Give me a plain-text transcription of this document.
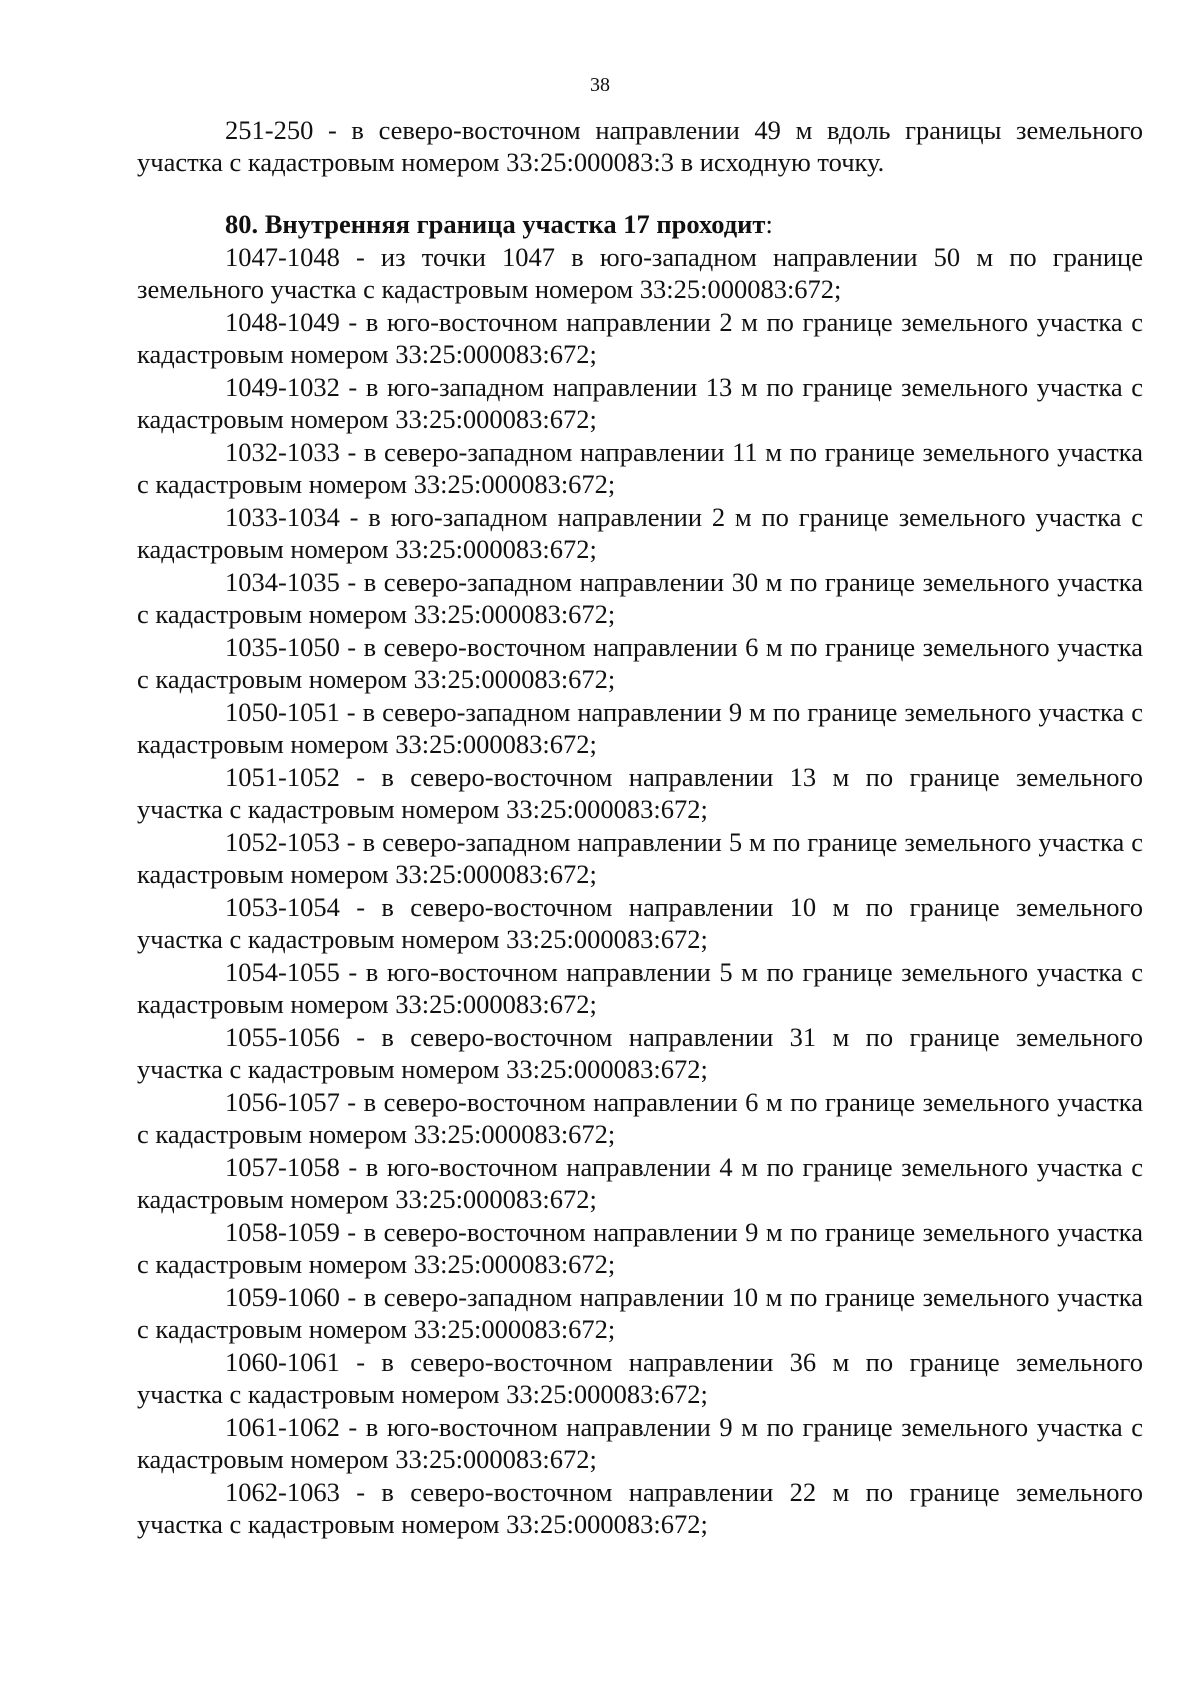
38

251-250 - в северо-восточном направлении 49 м вдоль границы земельного участка с кадастровым номером 33:25:000083:3 в исходную точку.

80. Внутренняя граница участка 17 проходит:

1047-1048 - из точки 1047 в юго-западном направлении 50 м по границе земельного участка с кадастровым номером 33:25:000083:672;

1048-1049 - в юго-восточном направлении 2 м по границе земельного участка с кадастровым номером 33:25:000083:672;

1049-1032 - в юго-западном направлении 13 м по границе земельного участка с кадастровым номером 33:25:000083:672;

1032-1033 - в северо-западном направлении 11 м по границе земельного участка с кадастровым номером 33:25:000083:672;

1033-1034 - в юго-западном направлении 2 м по границе земельного участка с кадастровым номером 33:25:000083:672;

1034-1035 - в северо-западном направлении 30 м по границе земельного участка с кадастровым номером 33:25:000083:672;

1035-1050 - в северо-восточном направлении 6 м по границе земельного участка с кадастровым номером 33:25:000083:672;

1050-1051 - в северо-западном направлении 9 м по границе земельного участка с кадастровым номером 33:25:000083:672;

1051-1052 - в северо-восточном направлении 13 м по границе земельного участка с кадастровым номером 33:25:000083:672;

1052-1053 - в северо-западном направлении 5 м по границе земельного участка с кадастровым номером 33:25:000083:672;

1053-1054 - в северо-восточном направлении 10 м по границе земельного участка с кадастровым номером 33:25:000083:672;

1054-1055 - в юго-восточном направлении 5 м по границе земельного участка с кадастровым номером 33:25:000083:672;

1055-1056 - в северо-восточном направлении 31 м по границе земельного участка с кадастровым номером 33:25:000083:672;

1056-1057 - в северо-восточном направлении 6 м по границе земельного участка с кадастровым номером 33:25:000083:672;

1057-1058 - в юго-восточном направлении 4 м по границе земельного участка с кадастровым номером 33:25:000083:672;

1058-1059 - в северо-восточном направлении 9 м по границе земельного участка с кадастровым номером 33:25:000083:672;

1059-1060 - в северо-западном направлении 10 м по границе земельного участка с кадастровым номером 33:25:000083:672;

1060-1061 - в северо-восточном направлении 36 м по границе земельного участка с кадастровым номером 33:25:000083:672;

1061-1062 - в юго-восточном направлении 9 м по границе земельного участка с кадастровым номером 33:25:000083:672;

1062-1063 - в северо-восточном направлении 22 м по границе земельного участка с кадастровым номером 33:25:000083:672;
